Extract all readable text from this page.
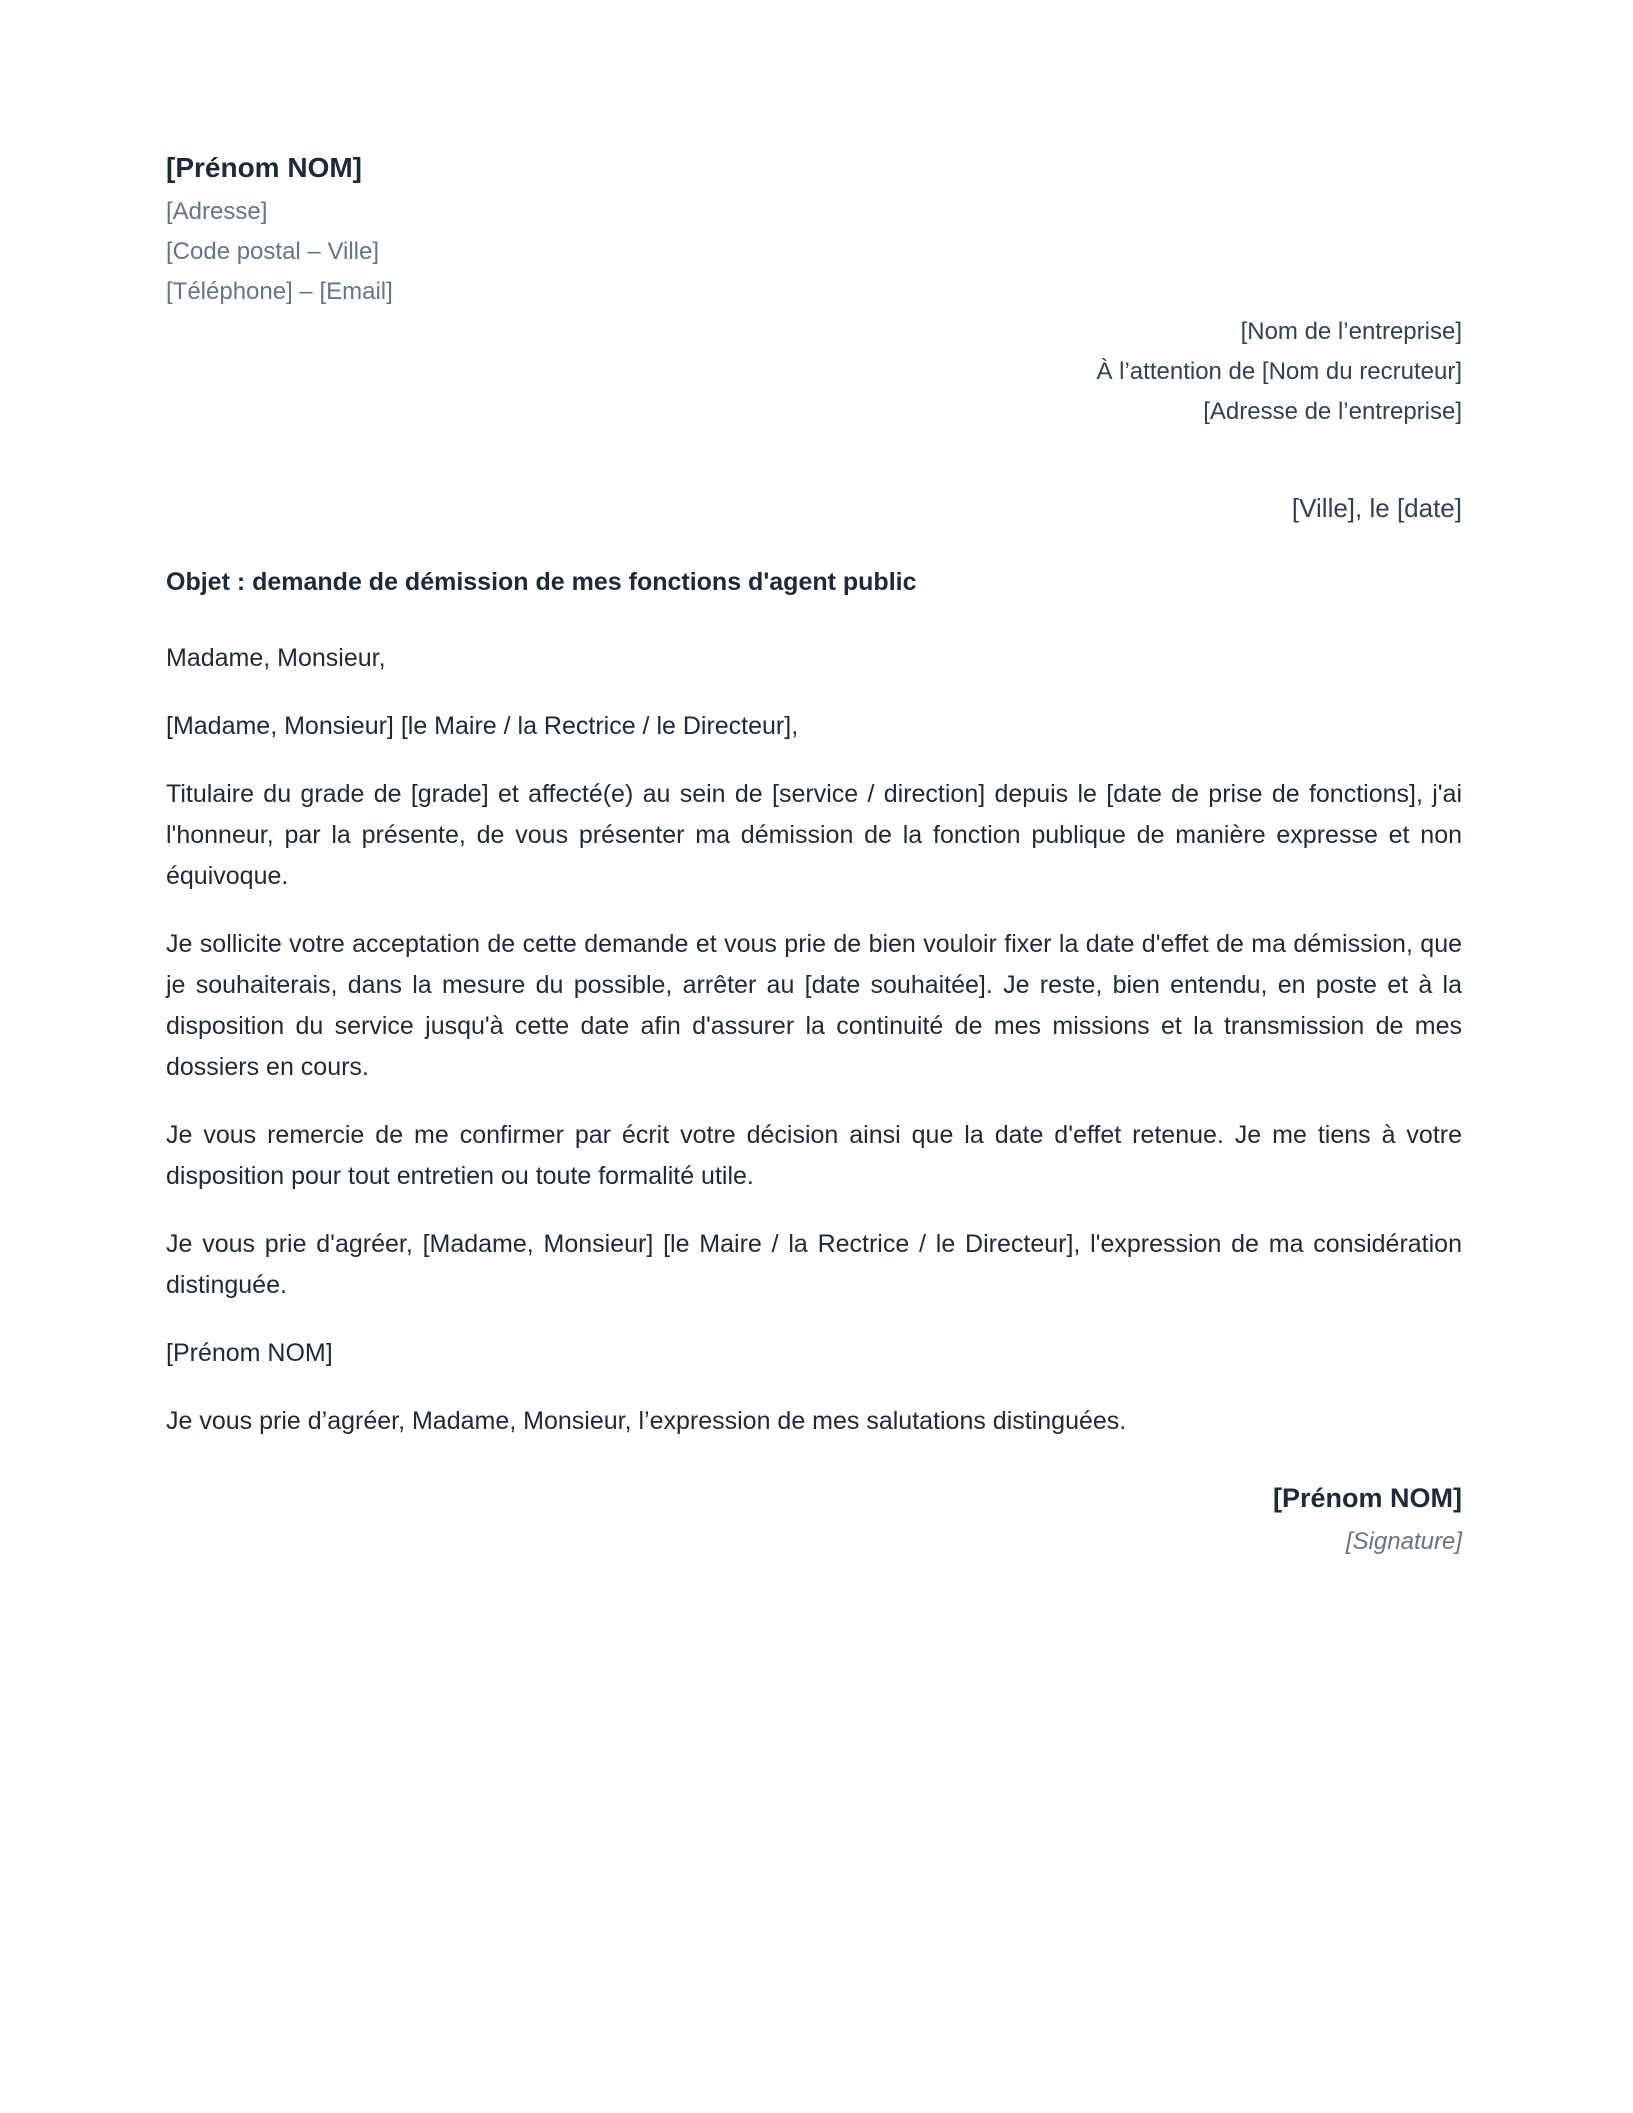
[Prénom NOM]

[Adresse]

[Code postal – Ville]

[Téléphone] – [Email]

[Nom de l’entreprise]

À l’attention de [Nom du recruteur]

[Adresse de l’entreprise]

[Ville], le [date]

Objet : demande de démission de mes fonctions d'agent public

Madame, Monsieur,

[Madame, Monsieur] [le Maire / la Rectrice / le Directeur],

Titulaire du grade de [grade] et affecté(e) au sein de [service / direction] depuis le [date de prise de fonctions], j'ai l'honneur, par la présente, de vous présenter ma démission de la fonction publique de manière expresse et non équivoque.

Je sollicite votre acceptation de cette demande et vous prie de bien vouloir fixer la date d'effet de ma démission, que je souhaiterais, dans la mesure du possible, arrêter au [date souhaitée]. Je reste, bien entendu, en poste et à la disposition du service jusqu'à cette date afin d'assurer la continuité de mes missions et la transmission de mes dossiers en cours.

Je vous remercie de me confirmer par écrit votre décision ainsi que la date d'effet retenue. Je me tiens à votre disposition pour tout entretien ou toute formalité utile.

Je vous prie d'agréer, [Madame, Monsieur] [le Maire / la Rectrice / le Directeur], l'expression de ma considération distinguée.

[Prénom NOM]

Je vous prie d’agréer, Madame, Monsieur, l’expression de mes salutations distinguées.

[Prénom NOM]

[Signature]
